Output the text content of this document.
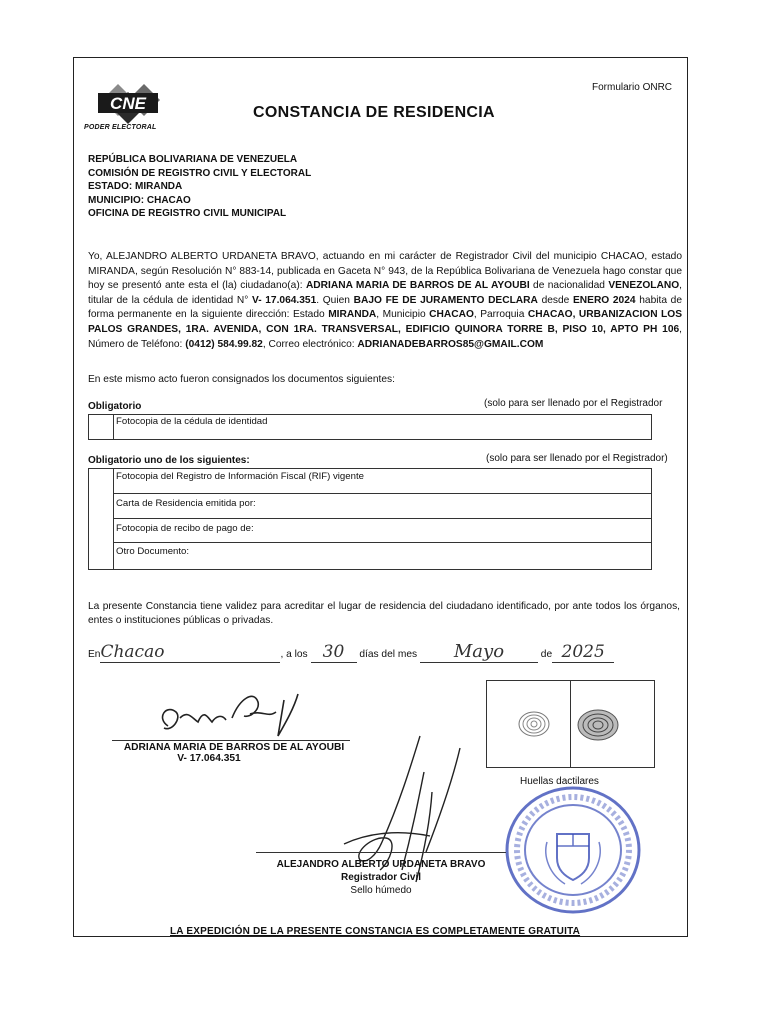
CNE
PODER ELECTORAL
Formulario ONRC
CONSTANCIA DE RESIDENCIA
REPÚBLICA BOLIVARIANA DE VENEZUELA
COMISIÓN DE REGISTRO CIVIL Y ELECTORAL
ESTADO: MIRANDA
MUNICIPIO: CHACAO
OFICINA DE REGISTRO CIVIL MUNICIPAL
Yo, ALEJANDRO ALBERTO URDANETA BRAVO, actuando en mi carácter de Registrador Civil del municipio CHACAO, estado MIRANDA, según Resolución N° 883-14, publicada en Gaceta N° 943, de la República Bolivariana de Venezuela hago constar que hoy se presentó ante esta el (la) ciudadano(a): ADRIANA MARIA DE BARROS DE AL AYOUBI de nacionalidad VENEZOLANO, titular de la cédula de identidad N° V- 17.064.351. Quien BAJO FE DE JURAMENTO DECLARA desde ENERO 2024 habita de forma permanente en la siguiente dirección: Estado MIRANDA, Municipio CHACAO, Parroquia CHACAO, URBANIZACION LOS PALOS GRANDES, 1RA. AVENIDA, CON 1RA. TRANSVERSAL, EDIFICIO QUINORA TORRE B, PISO 10, APTO PH 106, Número de Teléfono: (0412) 584.99.82, Correo electrónico: ADRIANADEBARROS85@GMAIL.COM
En este mismo acto fueron consignados los documentos siguientes:
Obligatorio	(solo para ser llenado por el Registrador
Fotocopia de la cédula de identidad
Obligatorio uno de los siguientes:	(solo para ser llenado por el Registrador)
Fotocopia del Registro de Información Fiscal (RIF) vigente
Carta de Residencia emitida por:
Fotocopia de recibo de pago de:
Otro Documento:
La presente Constancia tiene validez para acreditar el lugar de residencia del ciudadano identificado, por ante todos los órganos, entes o instituciones públicas o privadas.
EnChacao	, a los 30 días del mes Mayo	de 2025
ADRIANA MARIA DE BARROS DE AL AYOUBI
V- 17.064.351
Huellas dactilares
ALEJANDRO ALBERTO URDANETA BRAVO
Registrador Civil
Sello húmedo
LA EXPEDICIÓN DE LA PRESENTE CONSTANCIA ES COMPLETAMENTE GRATUITA
